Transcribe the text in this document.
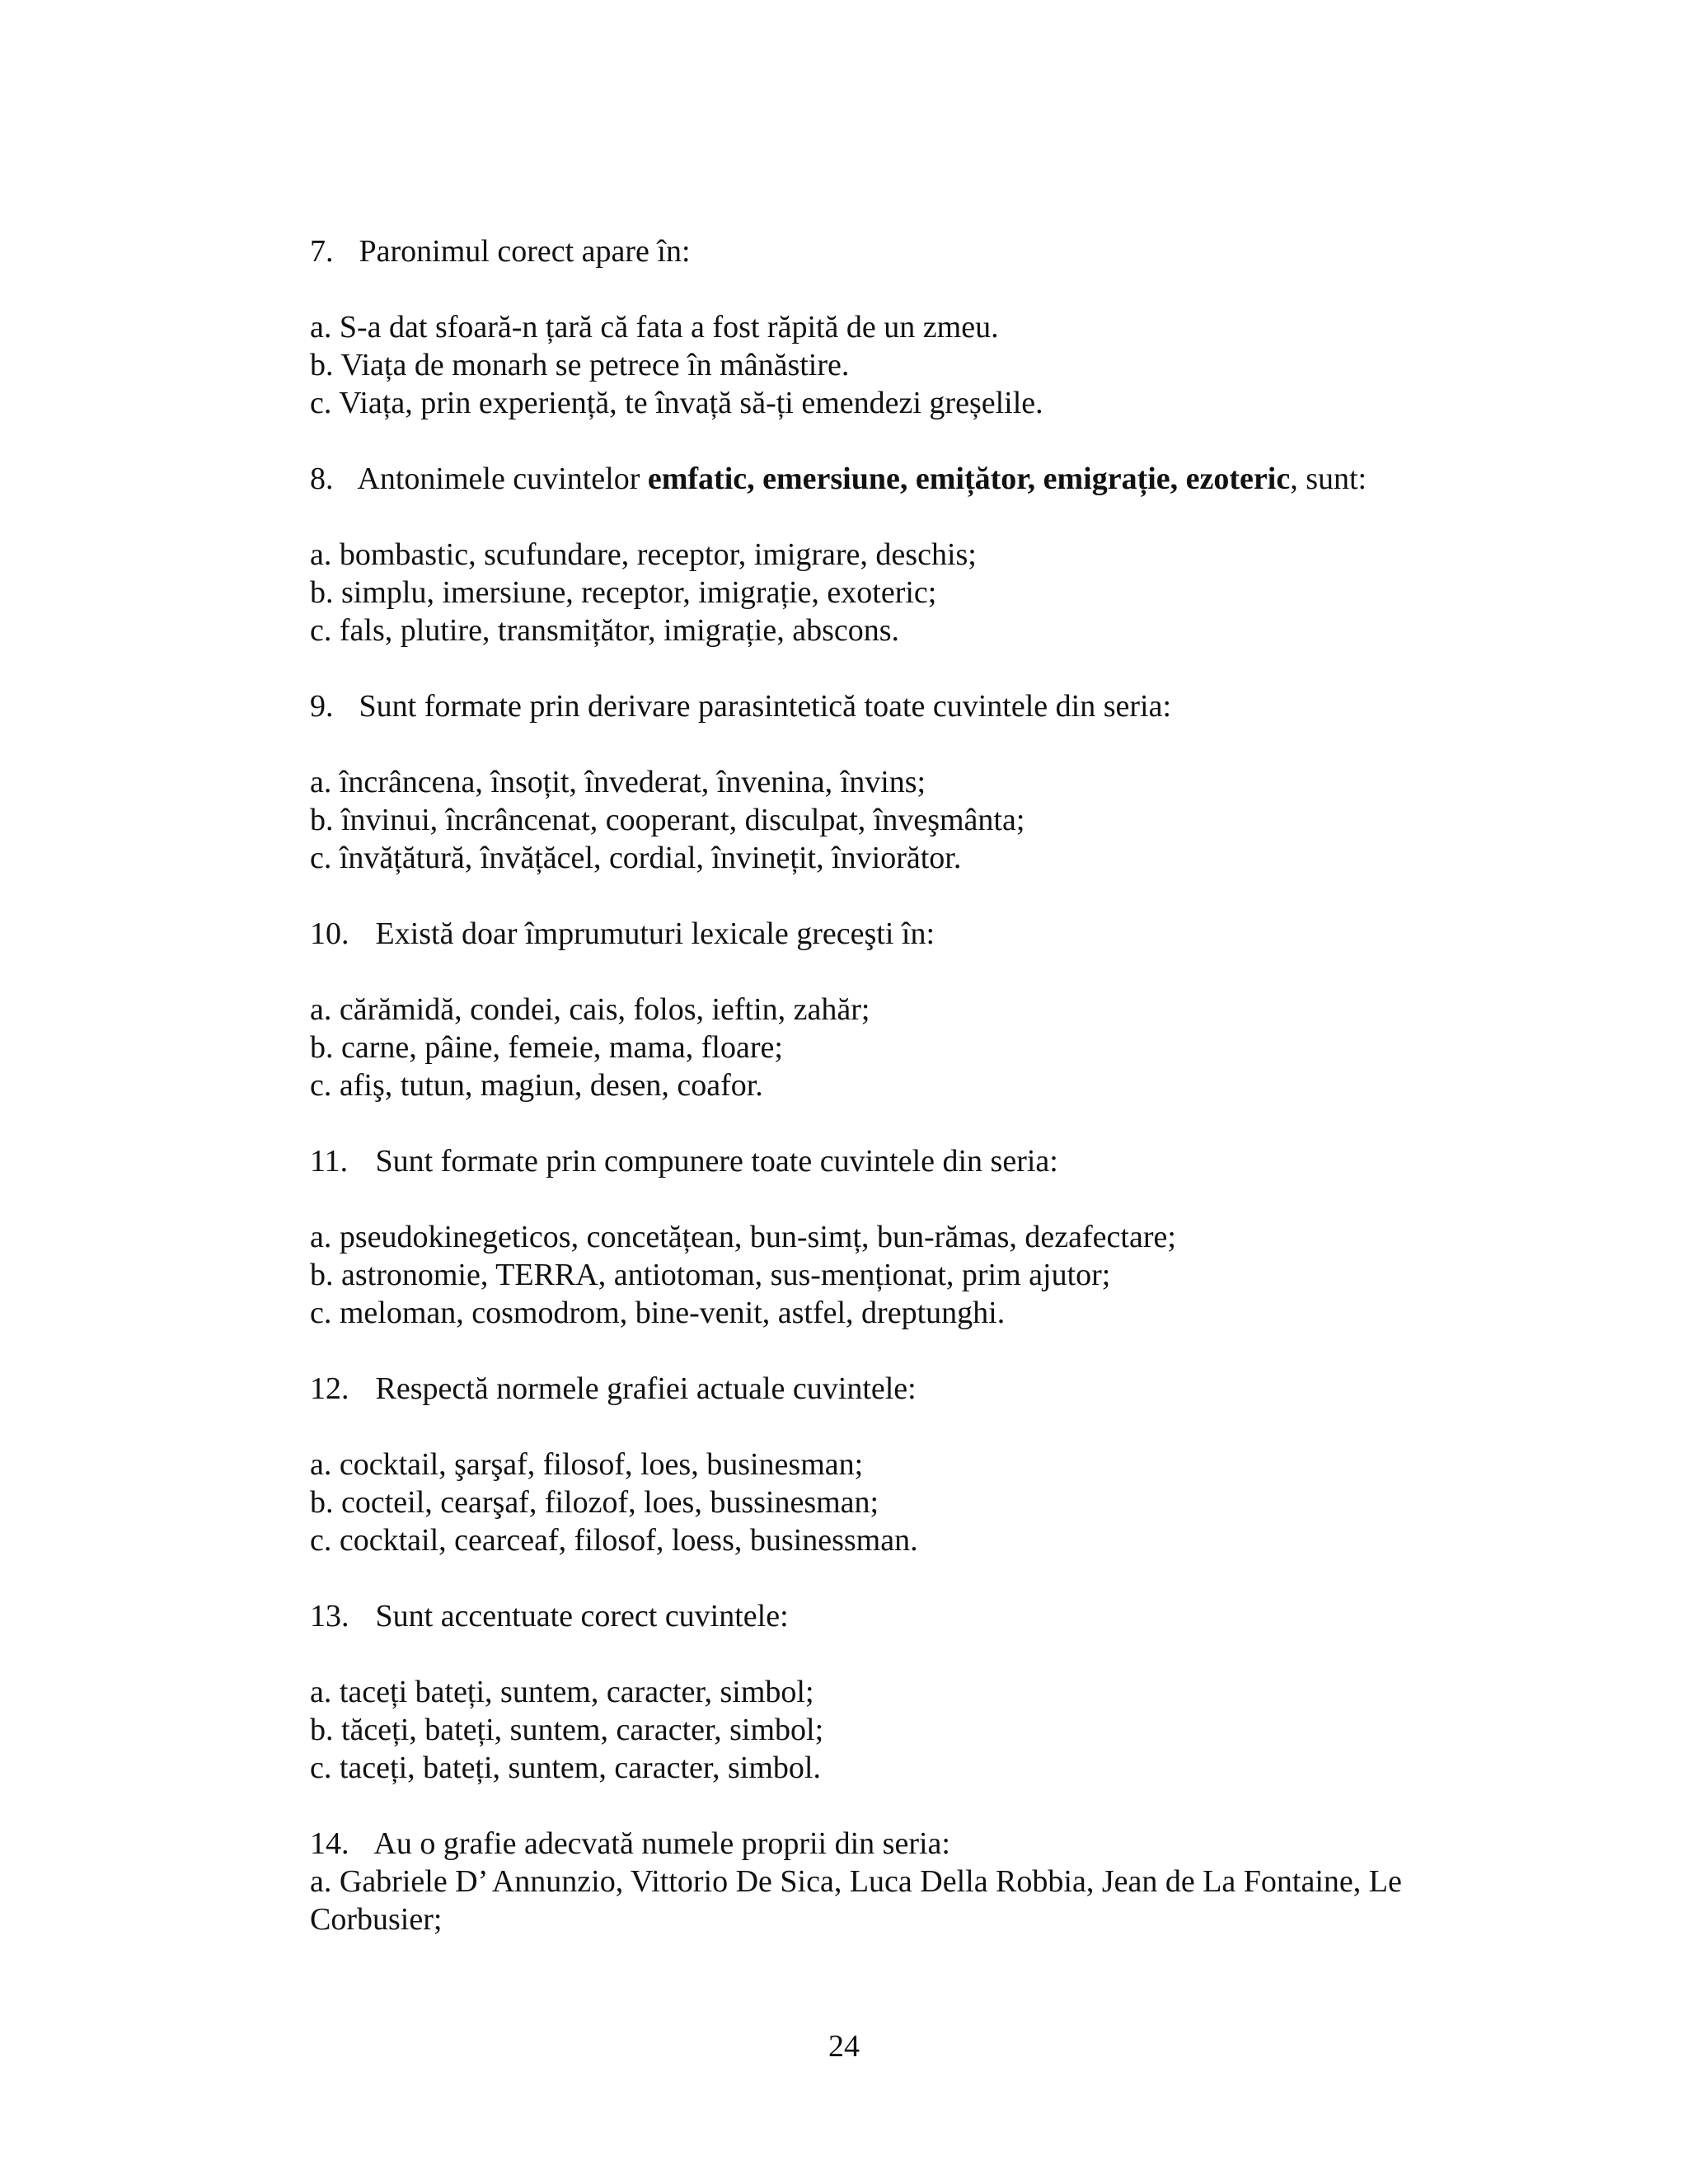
7. Paronimul corect apare în:
a. S-a dat sfoară-n țară că fata a fost răpită de un zmeu.
b. Viața de monarh se petrece în mânăstire.
c. Viața, prin experiență, te învață să-ți emendezi greșelile.
8. Antonimele cuvintelor emfatic, emersiune, emițător, emigrație, ezoteric, sunt:
a. bombastic, scufundare, receptor, imigrare, deschis;
b. simplu, imersiune, receptor, imigrație, exoteric;
c. fals, plutire, transmițător, imigrație, abscons.
9. Sunt formate prin derivare parasintetică toate cuvintele din seria:
a. încrâncena, însoțit, învederat, învenina, învins;
b. învinui, încrâncenat, cooperant, disculpat, înveşmânta;
c. învățătură, învățăcel, cordial, învinețit, înviorător.
10. Există doar împrumuturi lexicale greceşti în:
a. cărămidă, condei, cais, folos, ieftin, zahăr;
b. carne, pâine, femeie, mama, floare;
c. afiş, tutun, magiun, desen, coafor.
11. Sunt formate prin compunere toate cuvintele din seria:
a. pseudokinegeticos, concetățean, bun-simț, bun-rămas, dezafectare;
b. astronomie, TERRA, antiotoman, sus-menționat, prim ajutor;
c. meloman, cosmodrom, bine-venit, astfel, dreptunghi.
12. Respectă normele grafiei actuale cuvintele:
a. cocktail, şarşaf, filosof, loes, businesman;
b. cocteil, cearşaf, filozof, loes, bussinesman;
c. cocktail, cearceaf, filosof, loess, businessman.
13. Sunt accentuate corect cuvintele:
a. taceți bateți, suntem, caracter, simbol;
b. tăceți, bateți, suntem, caracter, simbol;
c. taceți, bateți, suntem, caracter, simbol.
14. Au o grafie adecvată numele proprii din seria:
a. Gabriele D’ Annunzio, Vittorio De Sica, Luca Della Robbia, Jean de La Fontaine, Le Corbusier;
24
